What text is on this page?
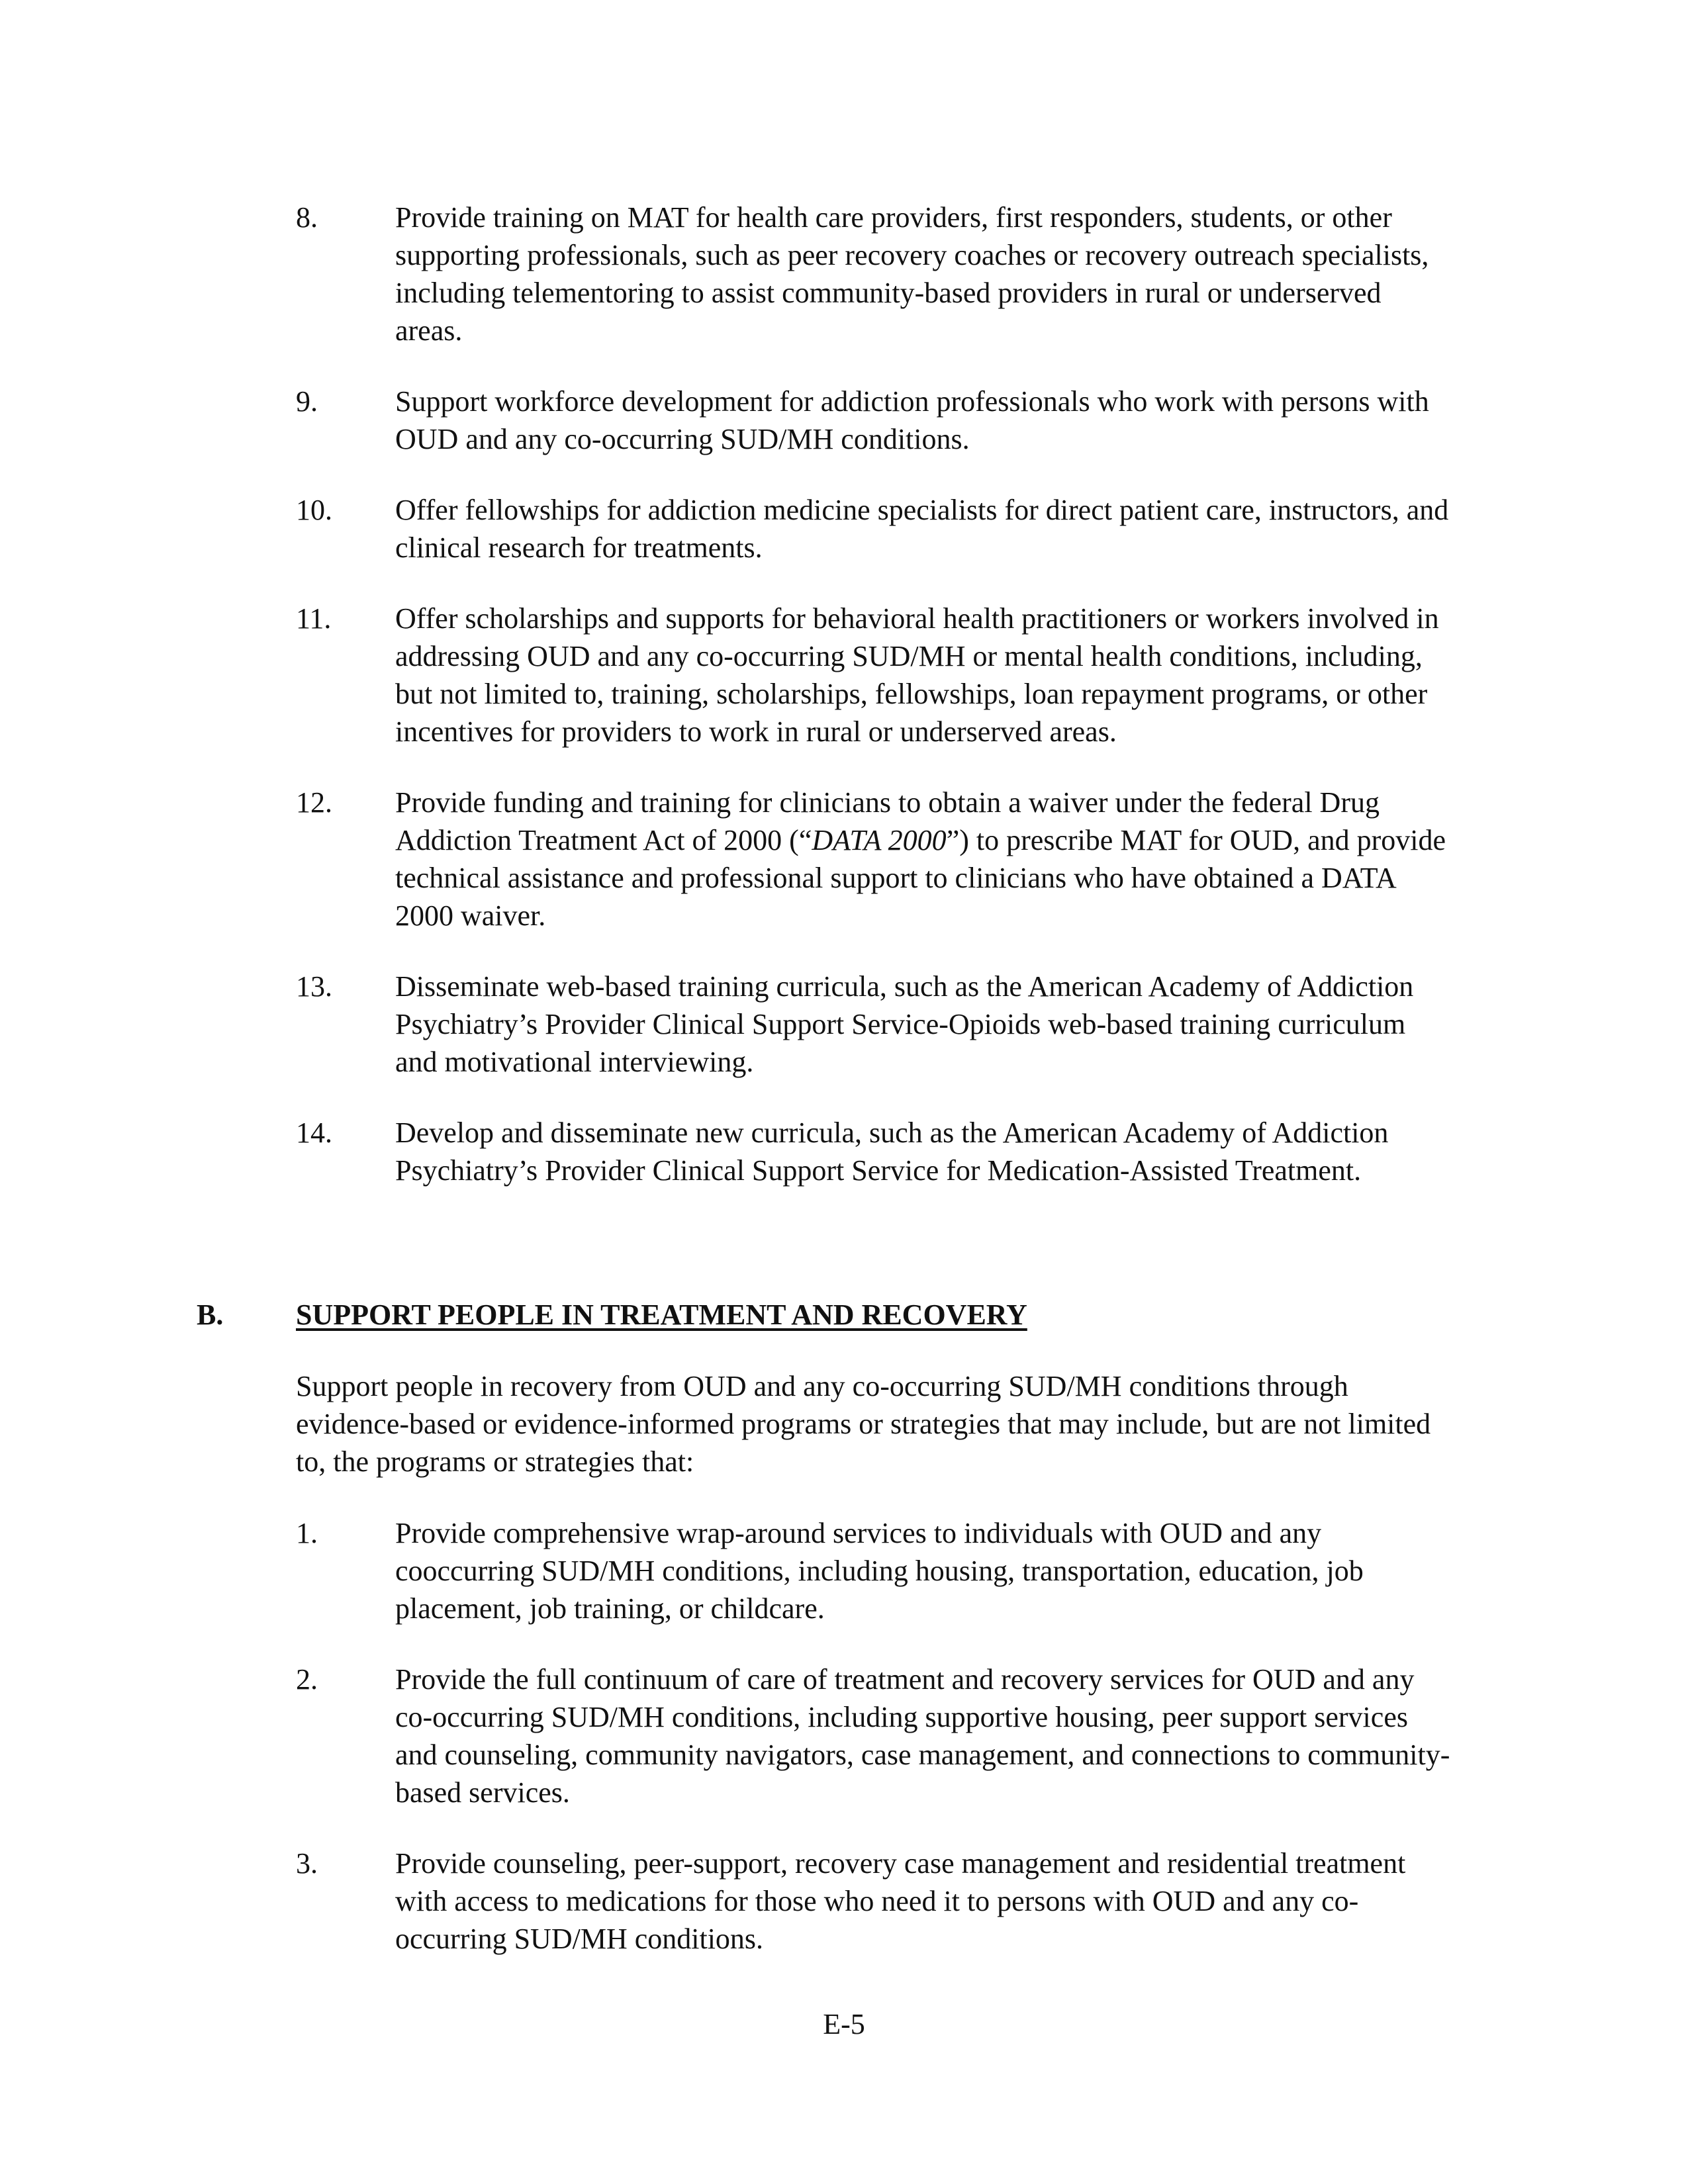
8.	Provide training on MAT for health care providers, first responders, students, or other supporting professionals, such as peer recovery coaches or recovery outreach specialists, including telementoring to assist community-based providers in rural or underserved areas.
9.	Support workforce development for addiction professionals who work with persons with OUD and any co-occurring SUD/MH conditions.
10.	Offer fellowships for addiction medicine specialists for direct patient care, instructors, and clinical research for treatments.
11.	Offer scholarships and supports for behavioral health practitioners or workers involved in addressing OUD and any co-occurring SUD/MH or mental health conditions, including, but not limited to, training, scholarships, fellowships, loan repayment programs, or other incentives for providers to work in rural or underserved areas.
12.	Provide funding and training for clinicians to obtain a waiver under the federal Drug Addiction Treatment Act of 2000 (“DATA 2000”) to prescribe MAT for OUD, and provide technical assistance and professional support to clinicians who have obtained a DATA 2000 waiver.
13.	Disseminate web-based training curricula, such as the American Academy of Addiction Psychiatry’s Provider Clinical Support Service-Opioids web-based training curriculum and motivational interviewing.
14.	Develop and disseminate new curricula, such as the American Academy of Addiction Psychiatry’s Provider Clinical Support Service for Medication-Assisted Treatment.
B.	SUPPORT PEOPLE IN TREATMENT AND RECOVERY

Support people in recovery from OUD and any co-occurring SUD/MH conditions through evidence-based or evidence-informed programs or strategies that may include, but are not limited to, the programs or strategies that:

1.	Provide comprehensive wrap-around services to individuals with OUD and any cooccurring SUD/MH conditions, including housing, transportation, education, job placement, job training, or childcare.
2.	Provide the full continuum of care of treatment and recovery services for OUD and any co-occurring SUD/MH conditions, including supportive housing, peer support services and counseling, community navigators, case management, and connections to community-based services.
3.	Provide counseling, peer-support, recovery case management and residential treatment with access to medications for those who need it to persons with OUD and any co-occurring SUD/MH conditions.
E-5
